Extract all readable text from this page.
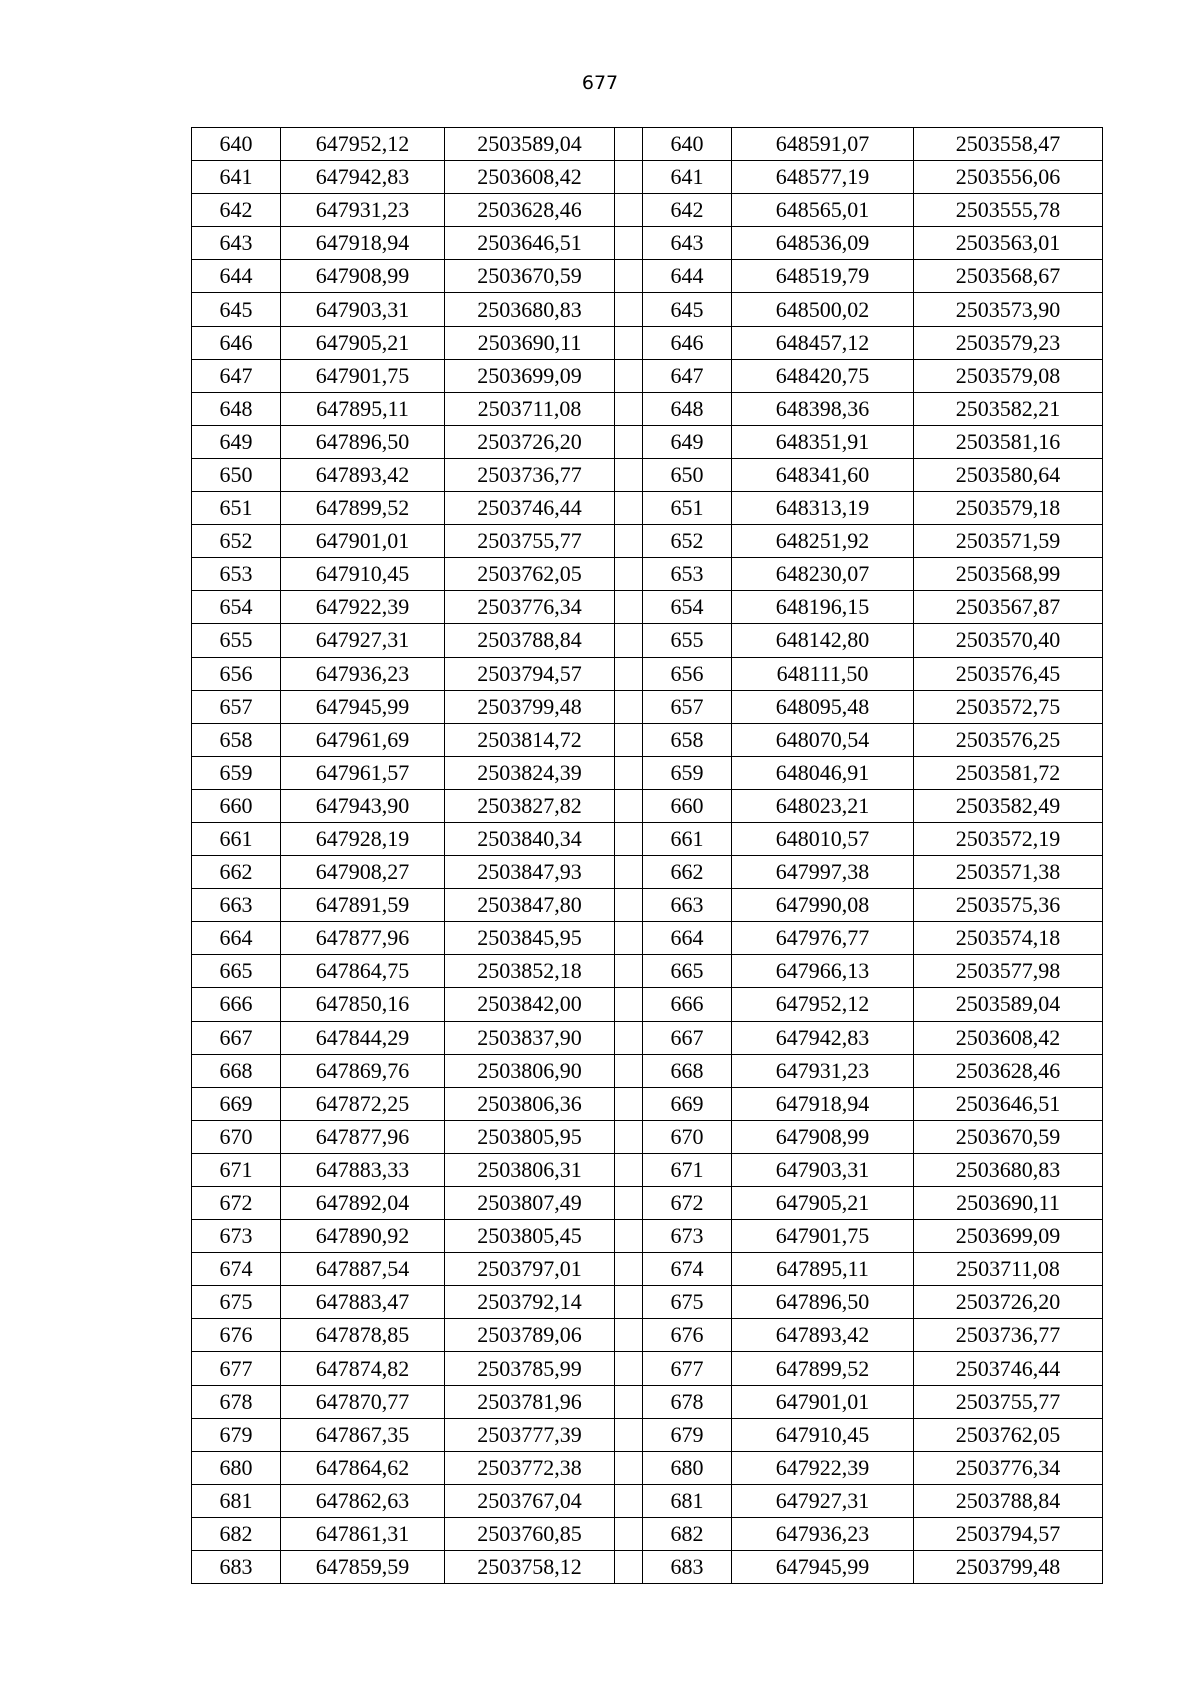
677
640	647952,12	2503589,04		640	648591,07	2503558,47
641	647942,83	2503608,42		641	648577,19	2503556,06
642	647931,23	2503628,46		642	648565,01	2503555,78
643	647918,94	2503646,51		643	648536,09	2503563,01
644	647908,99	2503670,59		644	648519,79	2503568,67
645	647903,31	2503680,83		645	648500,02	2503573,90
646	647905,21	2503690,11		646	648457,12	2503579,23
647	647901,75	2503699,09		647	648420,75	2503579,08
648	647895,11	2503711,08		648	648398,36	2503582,21
649	647896,50	2503726,20		649	648351,91	2503581,16
650	647893,42	2503736,77		650	648341,60	2503580,64
651	647899,52	2503746,44		651	648313,19	2503579,18
652	647901,01	2503755,77		652	648251,92	2503571,59
653	647910,45	2503762,05		653	648230,07	2503568,99
654	647922,39	2503776,34		654	648196,15	2503567,87
655	647927,31	2503788,84		655	648142,80	2503570,40
656	647936,23	2503794,57		656	648111,50	2503576,45
657	647945,99	2503799,48		657	648095,48	2503572,75
658	647961,69	2503814,72		658	648070,54	2503576,25
659	647961,57	2503824,39		659	648046,91	2503581,72
660	647943,90	2503827,82		660	648023,21	2503582,49
661	647928,19	2503840,34		661	648010,57	2503572,19
662	647908,27	2503847,93		662	647997,38	2503571,38
663	647891,59	2503847,80		663	647990,08	2503575,36
664	647877,96	2503845,95		664	647976,77	2503574,18
665	647864,75	2503852,18		665	647966,13	2503577,98
666	647850,16	2503842,00		666	647952,12	2503589,04
667	647844,29	2503837,90		667	647942,83	2503608,42
668	647869,76	2503806,90		668	647931,23	2503628,46
669	647872,25	2503806,36		669	647918,94	2503646,51
670	647877,96	2503805,95		670	647908,99	2503670,59
671	647883,33	2503806,31		671	647903,31	2503680,83
672	647892,04	2503807,49		672	647905,21	2503690,11
673	647890,92	2503805,45		673	647901,75	2503699,09
674	647887,54	2503797,01		674	647895,11	2503711,08
675	647883,47	2503792,14		675	647896,50	2503726,20
676	647878,85	2503789,06		676	647893,42	2503736,77
677	647874,82	2503785,99		677	647899,52	2503746,44
678	647870,77	2503781,96		678	647901,01	2503755,77
679	647867,35	2503777,39		679	647910,45	2503762,05
680	647864,62	2503772,38		680	647922,39	2503776,34
681	647862,63	2503767,04		681	647927,31	2503788,84
682	647861,31	2503760,85		682	647936,23	2503794,57
683	647859,59	2503758,12		683	647945,99	2503799,48
